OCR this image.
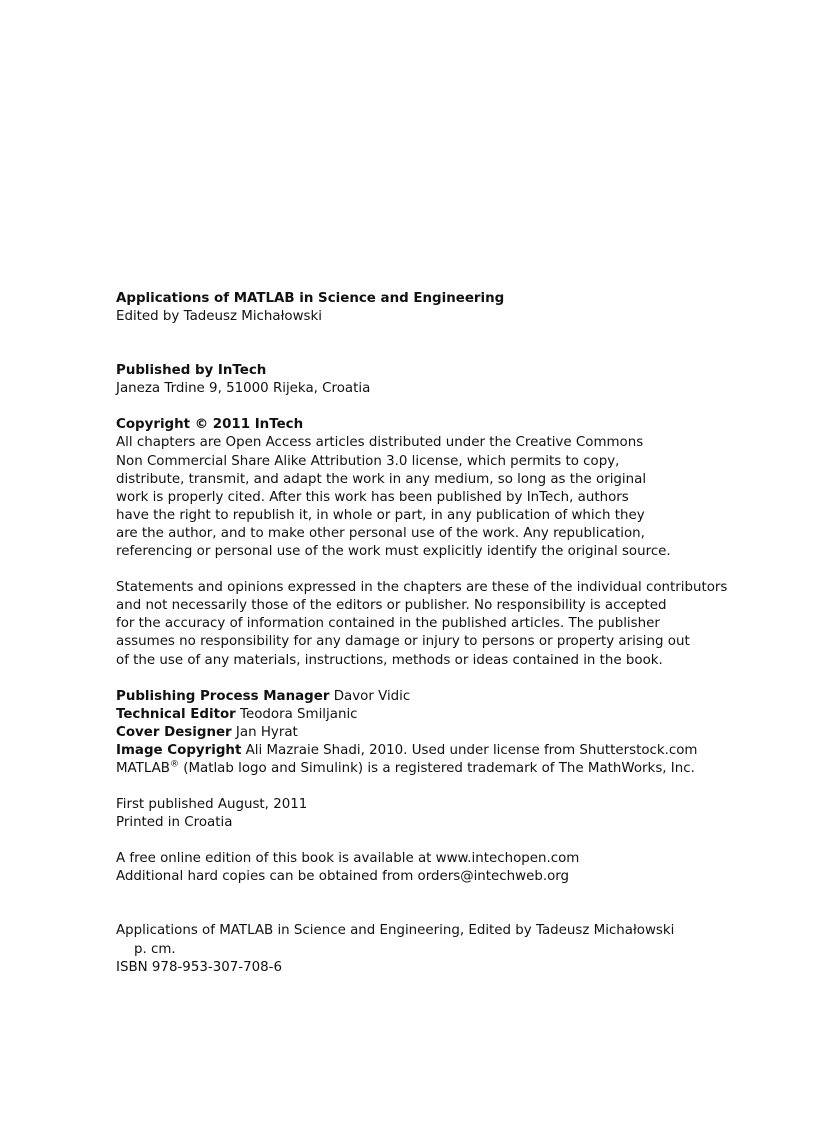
Applications of MATLAB in Science and Engineering
Edited by Tadeusz Michałowski
Published by InTech
Janeza Trdine 9, 51000 Rijeka, Croatia
Copyright © 2011 InTech
All chapters are Open Access articles distributed under the Creative Commons
Non Commercial Share Alike Attribution 3.0 license, which permits to copy,
distribute, transmit, and adapt the work in any medium, so long as the original
work is properly cited. After this work has been published by InTech, authors
have the right to republish it, in whole or part, in any publication of which they
are the author, and to make other personal use of the work. Any republication,
referencing or personal use of the work must explicitly identify the original source.
Statements and opinions expressed in the chapters are these of the individual contributors
and not necessarily those of the editors or publisher. No responsibility is accepted
for the accuracy of information contained in the published articles. The publisher
assumes no responsibility for any damage or injury to persons or property arising out
of the use of any materials, instructions, methods or ideas contained in the book.
Publishing Process Manager Davor Vidic
Technical Editor Teodora Smiljanic
Cover Designer Jan Hyrat
Image Copyright Ali Mazraie Shadi, 2010. Used under license from Shutterstock.com
MATLAB® (Matlab logo and Simulink) is a registered trademark of The MathWorks, Inc.
First published August, 2011
Printed in Croatia
A free online edition of this book is available at www.intechopen.com
Additional hard copies can be obtained from orders@intechweb.org
Applications of MATLAB in Science and Engineering, Edited by Tadeusz Michałowski
p. cm.
ISBN 978-953-307-708-6
